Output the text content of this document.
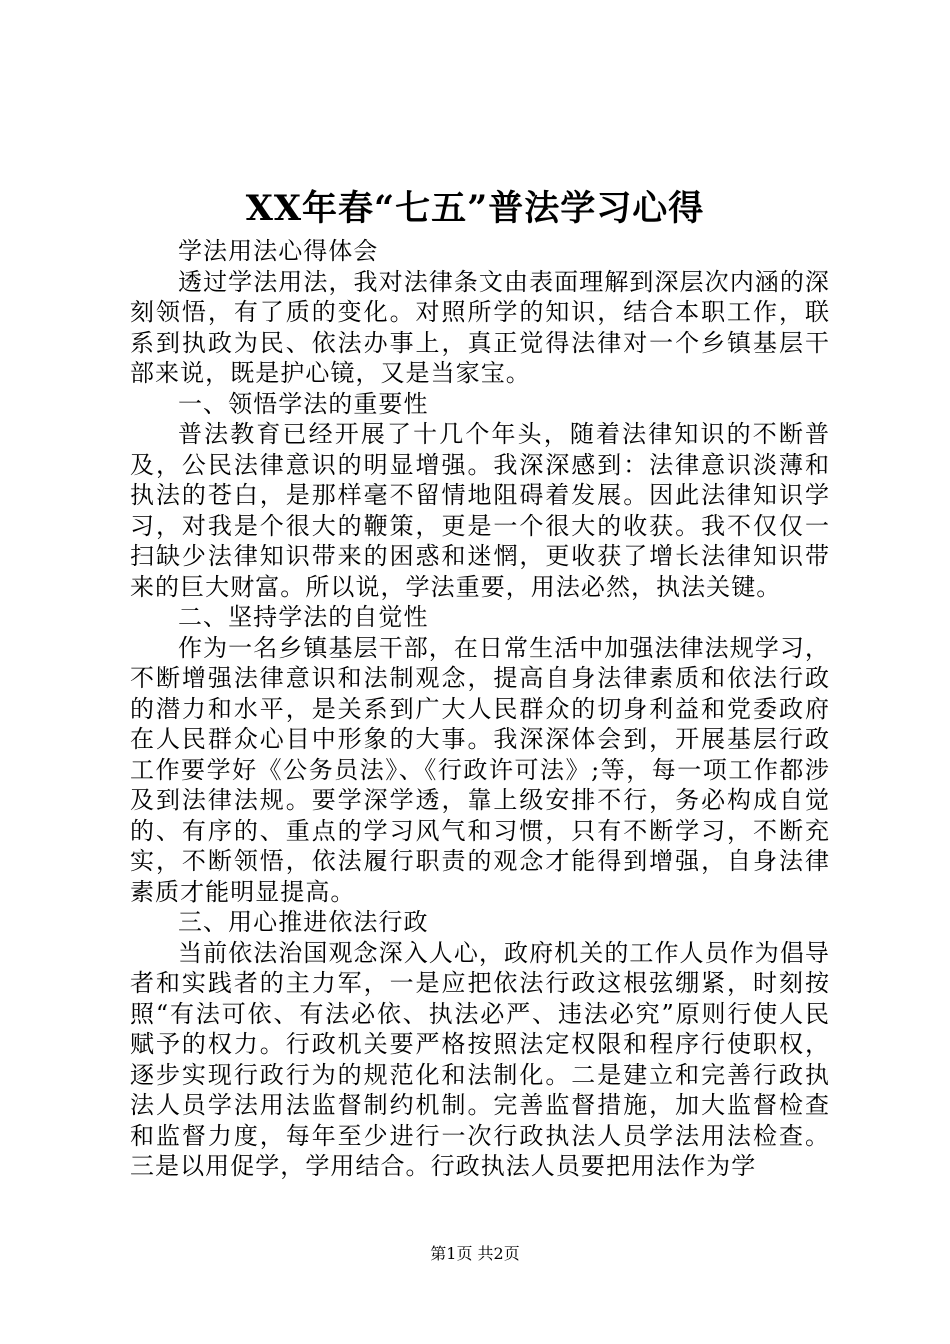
XX年春“七五”普法学习心得

学法用法心得体会

透过学法用法，我对法律条文由表面理解到深层次内涵的深刻领悟，有了质的变化。对照所学的知识，结合本职工作，联系到执政为民、依法办事上，真正觉得法律对一个乡镇基层干部来说，既是护心镜，又是当家宝。

一、领悟学法的重要性

普法教育已经开展了十几个年头，随着法律知识的不断普及，公民法律意识的明显增强。我深深感到：法律意识淡薄和执法的苍白，是那样毫不留情地阻碍着发展。因此法律知识学习，对我是个很大的鞭策，更是一个很大的收获。我不仅仅一扫缺少法律知识带来的困惑和迷惘，更收获了增长法律知识带来的巨大财富。所以说，学法重要，用法必然，执法关键。

二、坚持学法的自觉性

作为一名乡镇基层干部，在日常生活中加强法律法规学习，不断增强法律意识和法制观念，提高自身法律素质和依法行政的潜力和水平，是关系到广大人民群众的切身利益和党委政府在人民群众心目中形象的大事。我深深体会到，开展基层行政工作要学好《公务员法》、《行政许可法》;等，每一项工作都涉及到法律法规。要学深学透，靠上级安排不行，务必构成自觉的、有序的、重点的学习风气和习惯，只有不断学习，不断充实，不断领悟，依法履行职责的观念才能得到增强，自身法律素质才能明显提高。

三、用心推进依法行政

当前依法治国观念深入人心，政府机关的工作人员作为倡导者和实践者的主力军，一是应把依法行政这根弦绷紧，时刻按照“有法可依、有法必依、执法必严、违法必究”原则行使人民赋予的权力。行政机关要严格按照法定权限和程序行使职权，逐步实现行政行为的规范化和法制化。二是建立和完善行政执法人员学法用法监督制约机制。完善监督措施，加大监督检查和监督力度，每年至少进行一次行政执法人员学法用法检查。三是以用促学，学用结合。行政执法人员要把用法作为学

第1页 共2页
